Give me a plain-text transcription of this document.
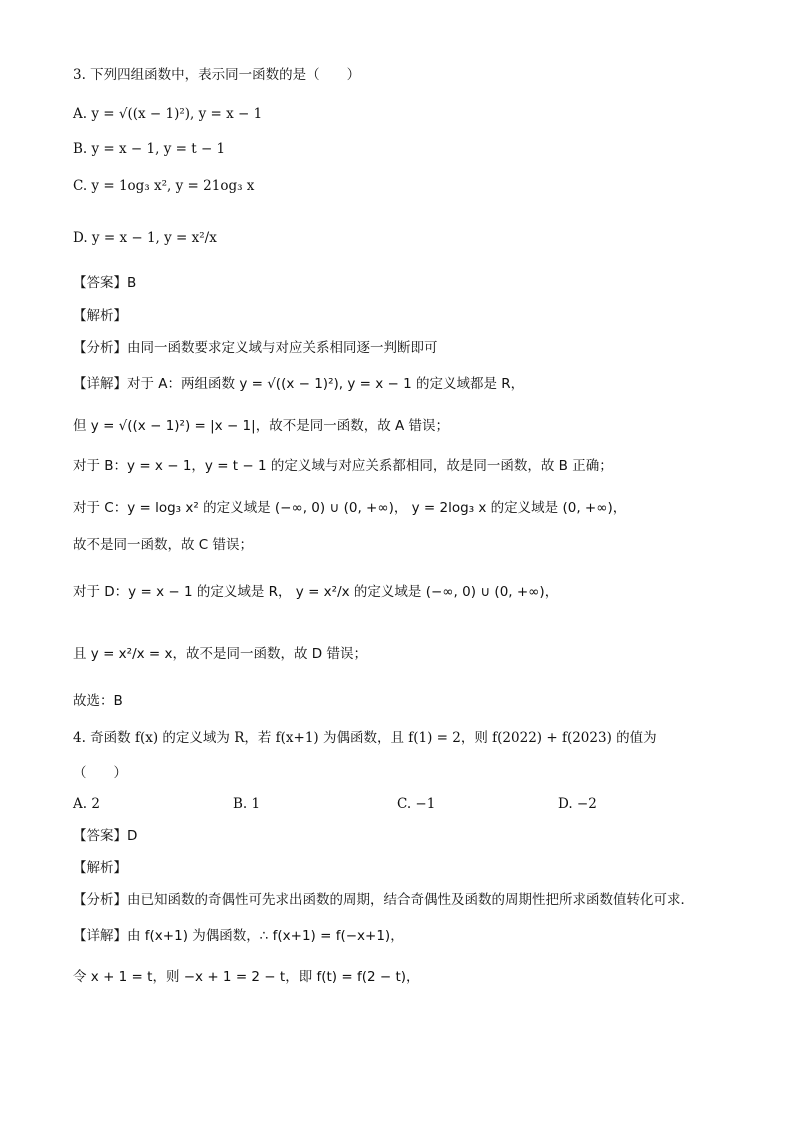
3. 下列四组函数中，表示同一函数的是（　　）
A. y = √((x − 1)²), y = x − 1
B. y = x − 1, y = t − 1
C. y = 1og₃ x², y = 21og₃ x
D. y = x − 1, y = x²/x
【答案】B
【解析】
【分析】由同一函数要求定义域与对应关系相同逐一判断即可
【详解】对于 A：两组函数 y = √((x − 1)²), y = x − 1 的定义域都是 R，
但 y = √((x − 1)²) = |x − 1|，故不是同一函数，故 A 错误；
对于 B：y = x − 1，y = t − 1 的定义域与对应关系都相同，故是同一函数，故 B 正确；
对于 C：y = log₃ x² 的定义域是 (−∞, 0) ∪ (0, +∞)， y = 2log₃ x 的定义域是 (0, +∞)，
故不是同一函数，故 C 错误；
对于 D：y = x − 1 的定义域是 R， y = x²/x 的定义域是 (−∞, 0) ∪ (0, +∞)，
且 y = x²/x = x，故不是同一函数，故 D 错误；
故选：B
4. 奇函数 f(x) 的定义域为 R，若 f(x+1) 为偶函数，且 f(1) = 2，则 f(2022) + f(2023) 的值为
（　　）
A. 2	B. 1	C. −1	D. −2
【答案】D
【解析】
【分析】由已知函数的奇偶性可先求出函数的周期，结合奇偶性及函数的周期性把所求函数值转化可求．
【详解】由 f(x+1) 为偶函数，∴ f(x+1) = f(−x+1)，
令 x + 1 = t，则 −x + 1 = 2 − t，即 f(t) = f(2 − t)，
